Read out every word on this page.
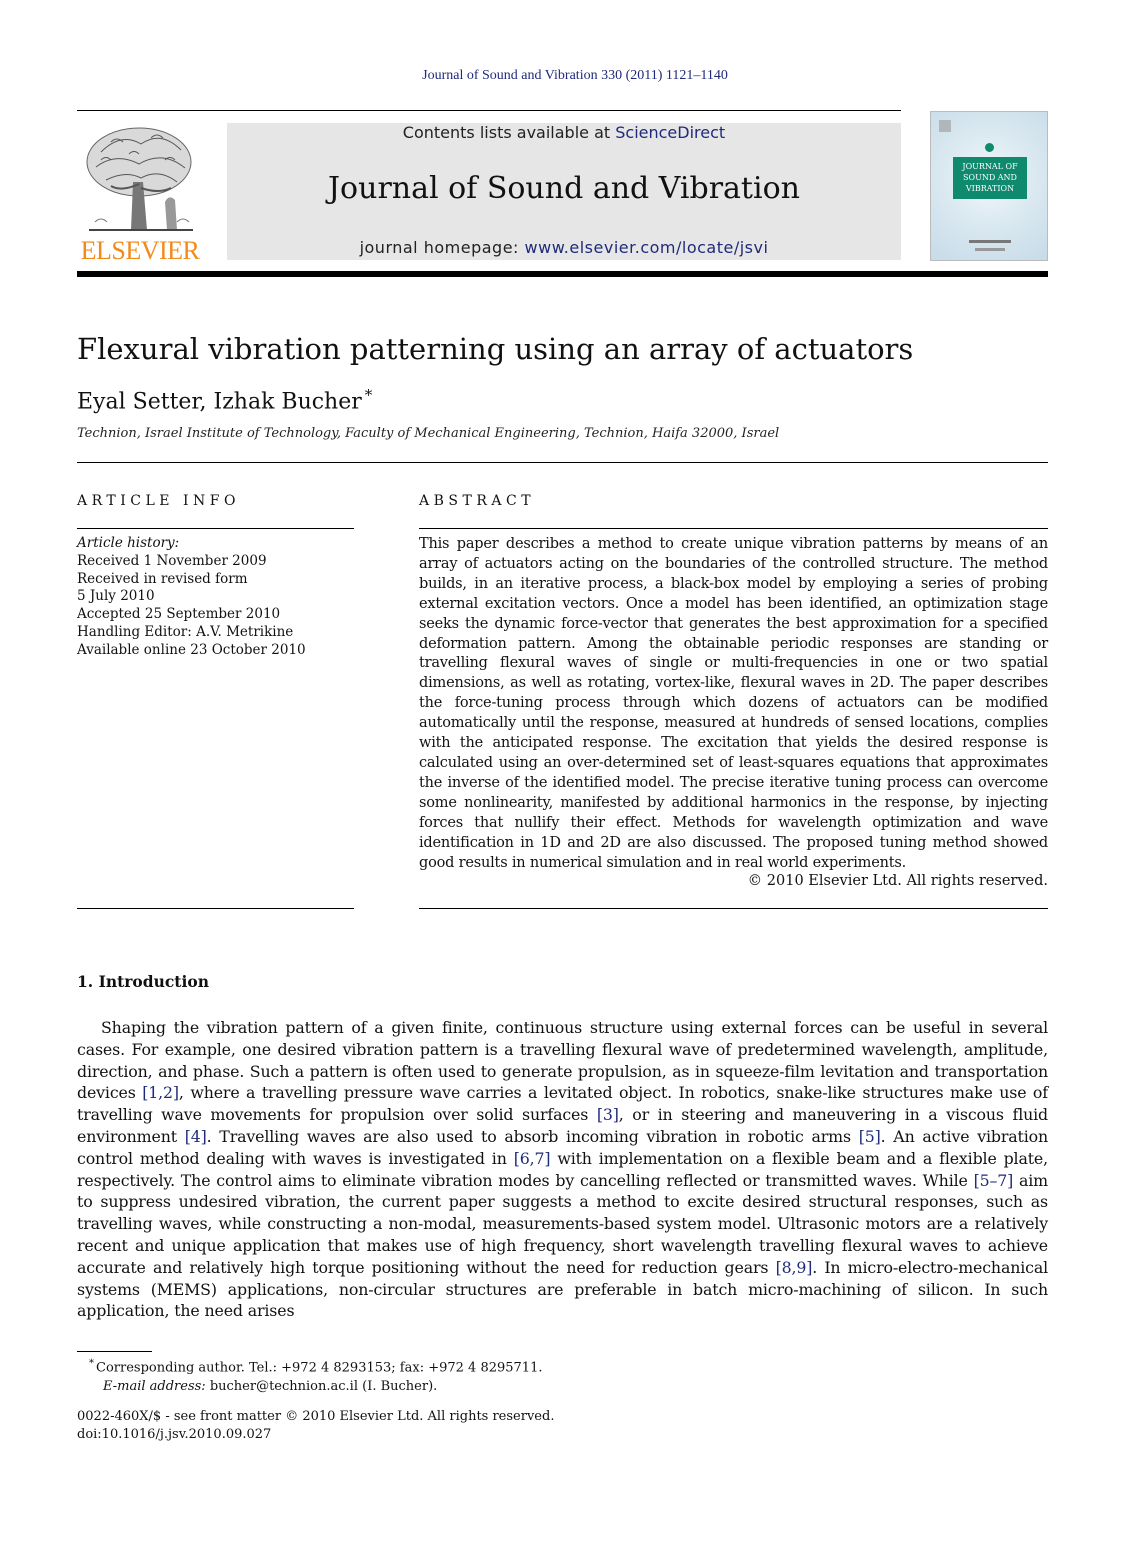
Journal of Sound and Vibration 330 (2011) 1121–1140
ELSEVIER
Contents lists available at ScienceDirect
Journal of Sound and Vibration
journal homepage: www.elsevier.com/locate/jsvi
JOURNAL OF
SOUND AND
VIBRATION
Flexural vibration patterning using an array of actuators
Eyal Setter, Izhak Bucher *
Technion, Israel Institute of Technology, Faculty of Mechanical Engineering, Technion, Haifa 32000, Israel
ARTICLE INFO	ABSTRACT
Article history:
Received 1 November 2009
Received in revised form
5 July 2010
Accepted 25 September 2010
Handling Editor: A.V. Metrikine
Available online 23 October 2010
This paper describes a method to create unique vibration patterns by means of an array of actuators acting on the boundaries of the controlled structure. The method builds, in an iterative process, a black-box model by employing a series of probing external excitation vectors. Once a model has been identified, an optimization stage seeks the dynamic force-vector that generates the best approximation for a specified deformation pattern. Among the obtainable periodic responses are standing or travelling flexural waves of single or multi-frequencies in one or two spatial dimensions, as well as rotating, vortex-like, flexural waves in 2D. The paper describes the force-tuning process through which dozens of actuators can be modified automatically until the response, measured at hundreds of sensed locations, complies with the anticipated response. The excitation that yields the desired response is calculated using an over-determined set of least-squares equations that approximates the inverse of the identified model. The precise iterative tuning process can overcome some nonlinearity, manifested by additional harmonics in the response, by injecting forces that nullify their effect. Methods for wavelength optimization and wave identification in 1D and 2D are also discussed. The proposed tuning method showed good results in numerical simulation and in real world experiments.
© 2010 Elsevier Ltd. All rights reserved.
1. Introduction

Shaping the vibration pattern of a given finite, continuous structure using external forces can be useful in several cases. For example, one desired vibration pattern is a travelling flexural wave of predetermined wavelength, amplitude, direction, and phase. Such a pattern is often used to generate propulsion, as in squeeze-film levitation and transportation devices [1,2], where a travelling pressure wave carries a levitated object. In robotics, snake-like structures make use of travelling wave movements for propulsion over solid surfaces [3], or in steering and maneuvering in a viscous fluid environment [4]. Travelling waves are also used to absorb incoming vibration in robotic arms [5]. An active vibration control method dealing with waves is investigated in [6,7] with implementation on a flexible beam and a flexible plate, respectively. The control aims to eliminate vibration modes by cancelling reflected or transmitted waves. While [5–7] aim to suppress undesired vibration, the current paper suggests a method to excite desired structural responses, such as travelling waves, while constructing a non-modal, measurements-based system model. Ultrasonic motors are a relatively recent and unique application that makes use of high frequency, short wavelength travelling flexural waves to achieve accurate and relatively high torque positioning without the need for reduction gears [8,9]. In micro-electro-mechanical systems (MEMS) applications, non-circular structures are preferable in batch micro-machining of silicon. In such application, the need arises

* Corresponding author. Tel.: +972 4 8293153; fax: +972 4 8295711.
E-mail address: bucher@technion.ac.il (I. Bucher).
0022-460X/$ - see front matter © 2010 Elsevier Ltd. All rights reserved.
doi:10.1016/j.jsv.2010.09.027
